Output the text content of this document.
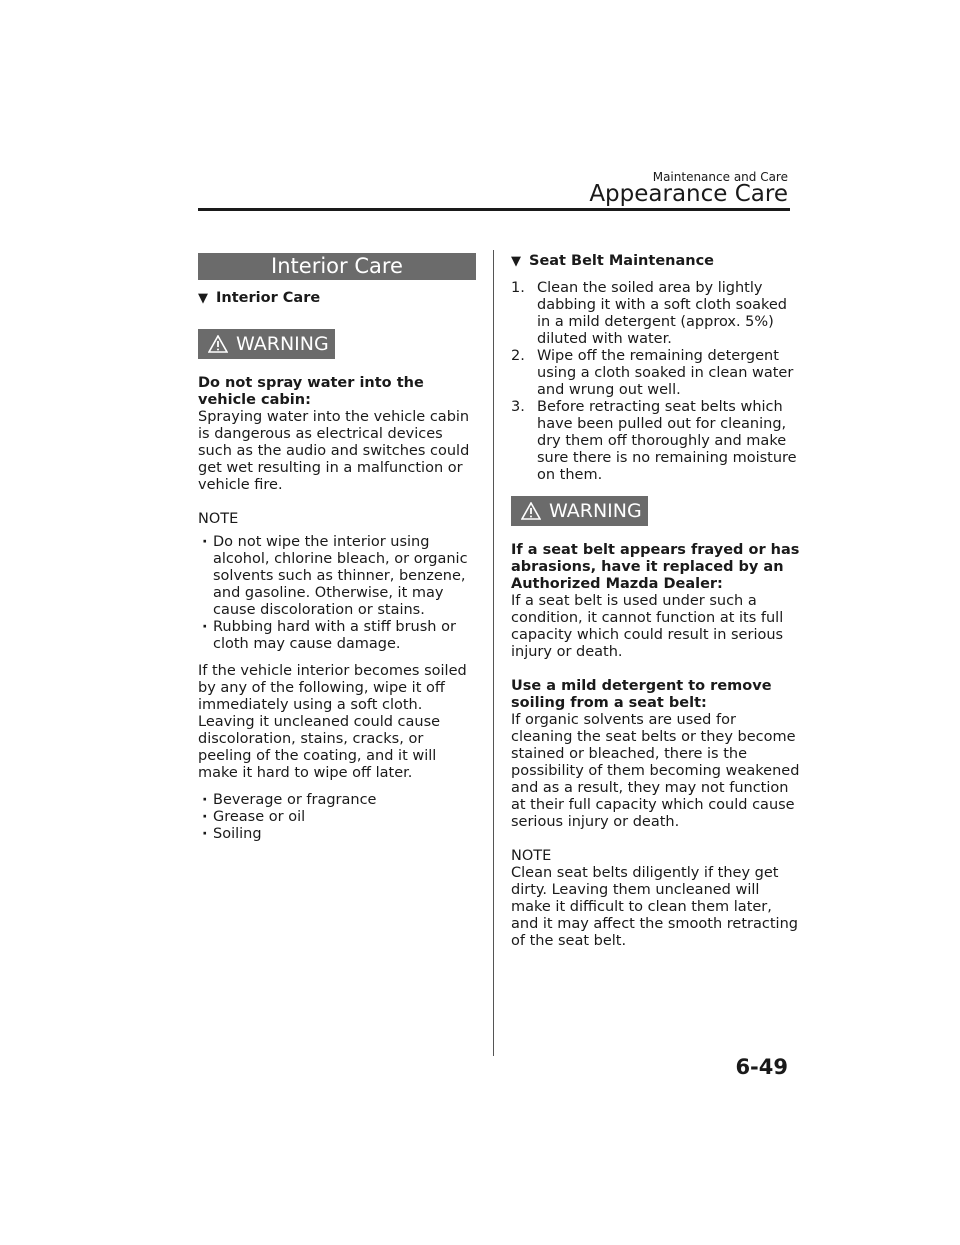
Maintenance and Care
Appearance Care
Interior Care
▼ Interior Care
WARNING

Do not spray water into the vehicle cabin:

Spraying water into the vehicle cabin is dangerous as electrical devices such as the audio and switches could get wet resulting in a malfunction or vehicle fire.

NOTE

· Do not wipe the interior using alcohol, chlorine bleach, or organic solvents such as thinner, benzene, and gasoline. Otherwise, it may cause discoloration or stains.
· Rubbing hard with a stiff brush or cloth may cause damage.

If the vehicle interior becomes soiled by any of the following, wipe it off immediately using a soft cloth.

Leaving it uncleaned could cause discoloration, stains, cracks, or peeling of the coating, and it will make it hard to wipe off later.

· Beverage or fragrance
· Grease or oil
· Soiling
▼ Seat Belt Maintenance
1. Clean the soiled area by lightly dabbing it with a soft cloth soaked in a mild detergent (approx. 5%) diluted with water.
2. Wipe off the remaining detergent using a cloth soaked in clean water and wrung out well.
3. Before retracting seat belts which have been pulled out for cleaning, dry them off thoroughly and make sure there is no remaining moisture on them.
WARNING

If a seat belt appears frayed or has abrasions, have it replaced by an Authorized Mazda Dealer:

If a seat belt is used under such a condition, it cannot function at its full capacity which could result in serious injury or death.

Use a mild detergent to remove soiling from a seat belt:

If organic solvents are used for cleaning the seat belts or they become stained or bleached, there is the possibility of them becoming weakened and as a result, they may not function at their full capacity which could cause serious injury or death.

NOTE

Clean seat belts diligently if they get dirty. Leaving them uncleaned will make it difficult to clean them later, and it may affect the smooth retracting of the seat belt.

6-49
